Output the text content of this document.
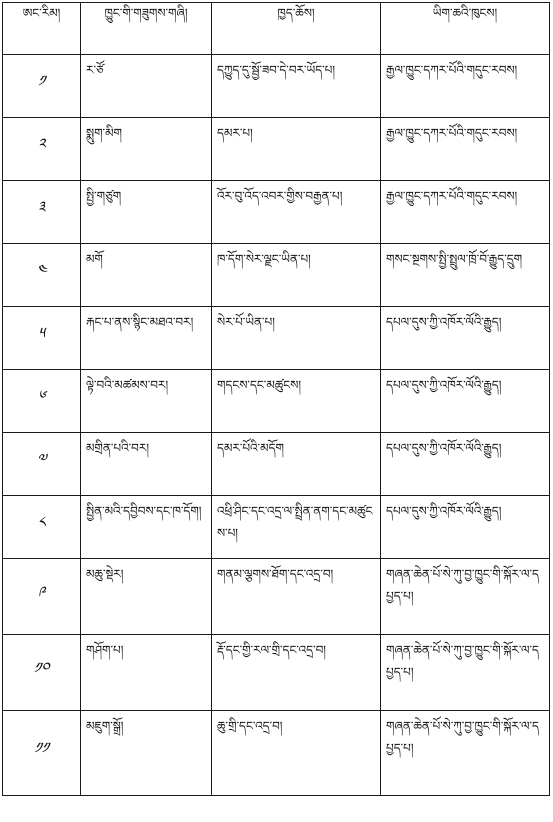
ཨང་རིམ།	ཁྱུང་གི་གཟུགས་གཞི།	ཁྱད་ཆོས།	ཡིག་ཆའི་ཁུངས།
༡	ར་ཙོ	དཀྱུད་དུ་སྦྱོ་ཟབ་དེ་བར་ཡོད་པ།	རྒྱལ་ཁྱུང་དཀར་པོའི་གདུང་རབས།
༢	སྨུག་མིག	དམར་པ།	རྒྱལ་ཁྱུང་དཀར་པོའི་གདུང་རབས།
༣	སྤྱི་གཙུག	འོར་བུ་འོད་འབར་གྱིས་བརྒྱན་པ།	རྒྱལ་ཁྱུང་དཀར་པོའི་གདུང་རབས།
༤	མགོ	ཁ་དོག་སེར་ལྗང་ཡིན་པ།	གསང་སྔགས་སྤྱི་སྤྲུལ་ཁྲོ་བོ་རྒྱུད་དྲུག
༥	རྐང་པ་ནས་སྙིང་མཐའ་བར།	སེར་པོ་ཡིན་པ།	དཔལ་དུས་ཀྱི་འཁོར་ལོའི་རྒྱུད།
༦	ལྟེ་བའི་མཚམས་བར།	གདངས་དང་མཚུངས།	དཔལ་དུས་ཀྱི་འཁོར་ལོའི་རྒྱུད།
༧	མགྲིན་པའི་བར།	དམར་པོའི་མདོག	དཔལ་དུས་ཀྱི་འཁོར་ལོའི་རྒྱུད།
༨	སྤྱིན་མའི་དབྱིབས་དང་ཁ་དོག།	འཕྲི་ཤིང་དང་འདྲ་ལ་སྤྲིན་ནག་དང་མཚུངས་པ།	དཔལ་དུས་ཀྱི་འཁོར་ལོའི་རྒྱུད།
༩	མཆུ་སྡེར།	གནམ་ལྕགས་ཐོག་དང་འདྲ་བ།	གཞན་ཆེན་པོ་སེ་ཀུ་བྱ་ཁྱུང་གི་སྐོར་ལ་དཔྱད་པ།
༡༠	གཤོག་པ།	རྡོ་དང་གྱི་རལ་གྲི་དང་འདྲ་བ།	གཞན་ཆེན་པོ་སེ་ཀུ་བྱ་ཁྱུང་གི་སྐོར་ལ་དཔྱད་པ།
༡༡	མཇུག་སྒྲོ།	ཆུ་གྲི་དང་འདྲ་བ།	གཞན་ཆེན་པོ་སེ་ཀུ་བྱ་ཁྱུང་གི་སྐོར་ལ་དཔྱད་པ།
